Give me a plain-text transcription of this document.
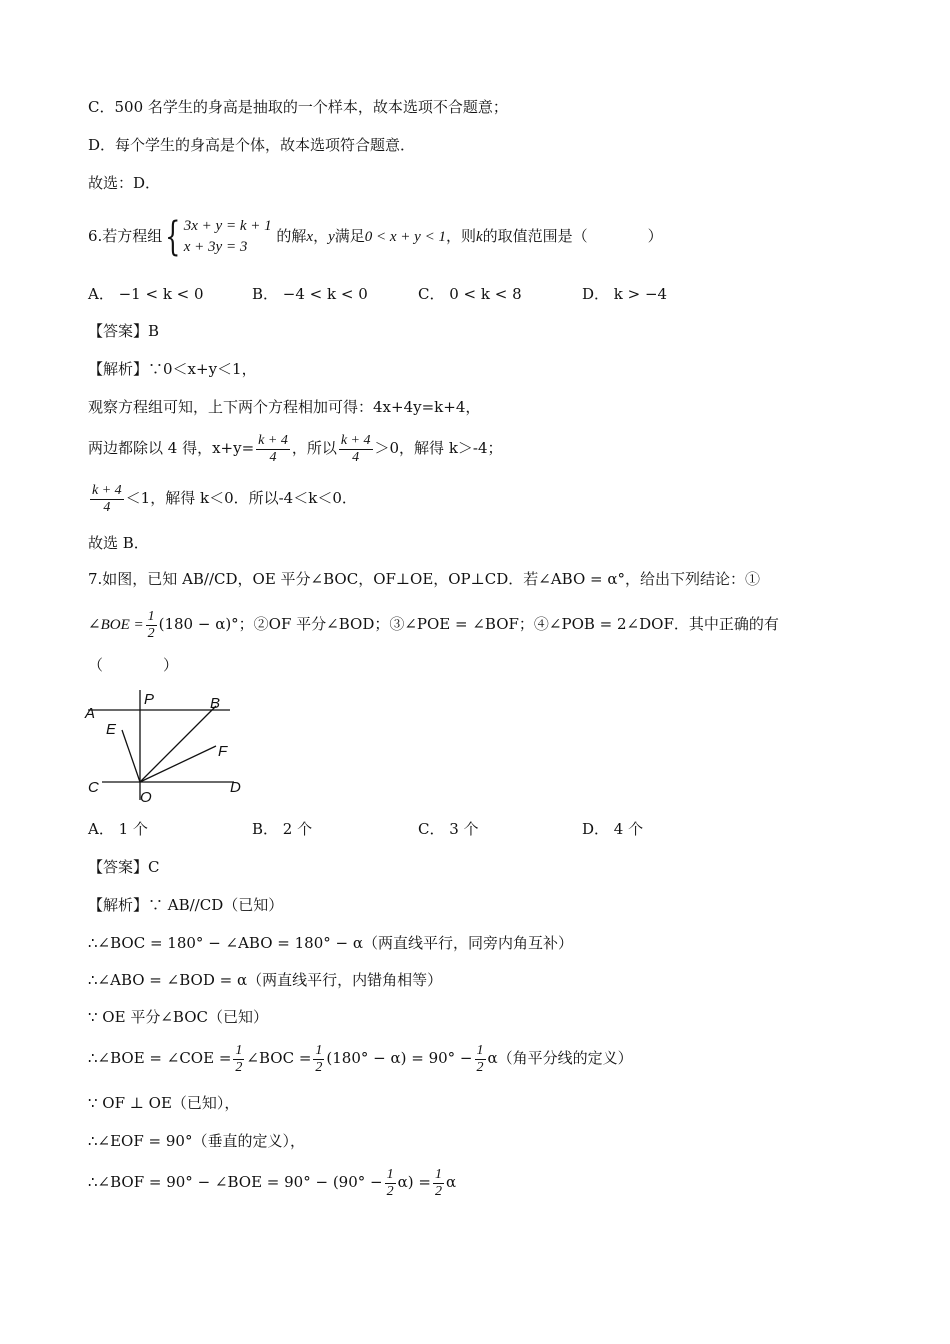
C．500 名学生的身高是抽取的一个样本，故本选项不合题意；
D．每个学生的身高是个体，故本选项符合题意．
故选：D．
6.若方程组{ 3x + y = k + 1
x + 3y = 3
的解x，y满足0 < x + y < 1，则k的取值范围是（　　　　）
A． −1 < k < 0	B． −4 < k < 0	C． 0 < k < 8	D． k > −4
【答案】B
【解析】∵0＜x+y＜1，
观察方程组可知，上下两个方程相加可得：4x+4y=k+4，
两边都除以 4 得，$x+y= \frac{k + 4}{4}$ ，所以 $\frac{k + 4}{4} >0$，解得 k＞-4；
$\frac{k + 4}{4} <1$，解得 k＜0．所以-4＜k＜0．
故选 B．
7.如图，已知 AB//CD，OE 平分∠BOC，OF⊥OE，OP⊥CD．若∠ABO = α°，给出下列结论：①
∠BOE = $\frac{1}{2} (180 - \alpha)^\circ$；②OF 平分∠BOD；③∠POE = ∠BOF；④∠POB = 2∠DOF．其中正确的有
（　　　　）
A
P	B
E
F
C
O
D
A． 1 个	B． 2 个	C． 3 个	D． 4 个
【答案】C
【解析】∵ AB//CD（已知）
∴∠BOC = 180° − ∠ABO = 180° − α（两直线平行，同旁内角互补）
∴∠ABO = ∠BOD = α（两直线平行，内错角相等）
∵ OE 平分∠BOC（已知）
∴∠BOE = ∠COE = $\frac{1}{2}$ ∠BOC = $\frac{1}{2} (180^\circ - \alpha) = 90^\circ - \frac{1}{2} \alpha$（角平分线的定义）
∵ OF ⊥ OE（已知），
∴∠EOF = 90°（垂直的定义），
∴∠BOF = 90° − ∠BOE = $90^\circ - (90^\circ - \frac{1}{2} \alpha) = \frac{1}{2}$ α
